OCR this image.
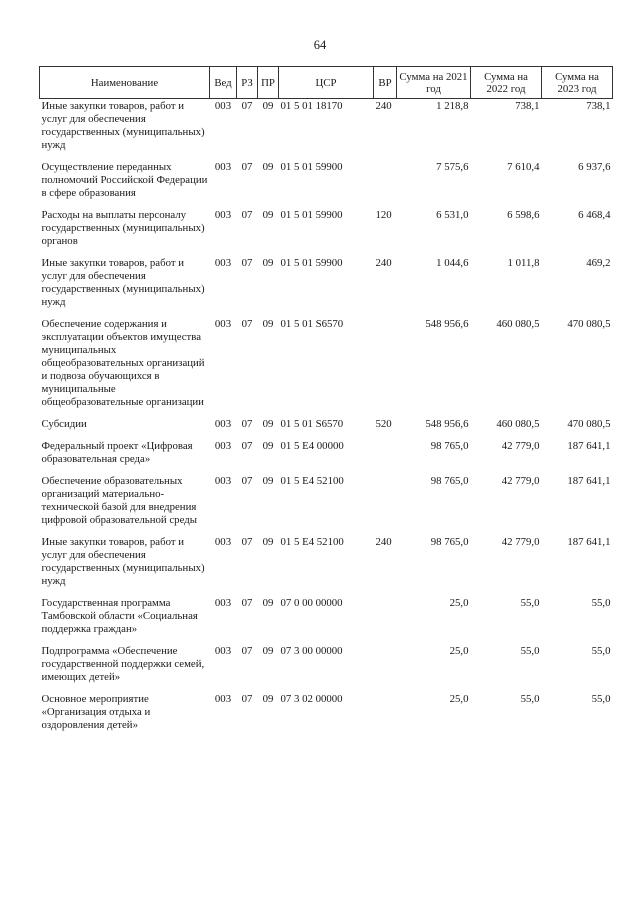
64
Наименование	Вед	РЗ	ПР	ЦСР	ВР	Сумма на 2021 год	Сумма на 2022 год	Сумма на 2023 год
Иные закупки товаров, работ и услуг для обеспечения государственных (муниципальных) нужд	003	07	09	01 5 01 18170	240	1 218,8	738,1	738,1
Осуществление переданных полномочий Российской Федерации в сфере образования	003	07	09	01 5 01 59900		7 575,6	7 610,4	6 937,6
Расходы на выплаты персоналу государственных (муниципальных) органов	003	07	09	01 5 01 59900	120	6 531,0	6 598,6	6 468,4
Иные закупки товаров, работ и услуг для обеспечения государственных (муниципальных) нужд	003	07	09	01 5 01 59900	240	1 044,6	1 011,8	469,2
Обеспечение содержания и эксплуатации объектов имущества муниципальных общеобразовательных организаций и подвоза обучающихся в муниципальные общеобразовательные организации	003	07	09	01 5 01 S6570		548 956,6	460 080,5	470 080,5
Субсидии	003	07	09	01 5 01 S6570	520	548 956,6	460 080,5	470 080,5
Федеральный проект «Цифровая образовательная среда»	003	07	09	01 5 E4 00000		98 765,0	42 779,0	187 641,1
Обеспечение образовательных организаций материально-технической базой для внедрения цифровой образовательной среды	003	07	09	01 5 E4 52100		98 765,0	42 779,0	187 641,1
Иные закупки товаров, работ и услуг для обеспечения государственных (муниципальных) нужд	003	07	09	01 5 E4 52100	240	98 765,0	42 779,0	187 641,1
Государственная программа Тамбовской области «Социальная поддержка граждан»	003	07	09	07 0 00 00000		25,0	55,0	55,0
Подпрограмма «Обеспечение государственной поддержки семей, имеющих детей»	003	07	09	07 3 00 00000		25,0	55,0	55,0
Основное мероприятие «Организация отдыха и оздоровления детей»	003	07	09	07 3 02 00000		25,0	55,0	55,0
